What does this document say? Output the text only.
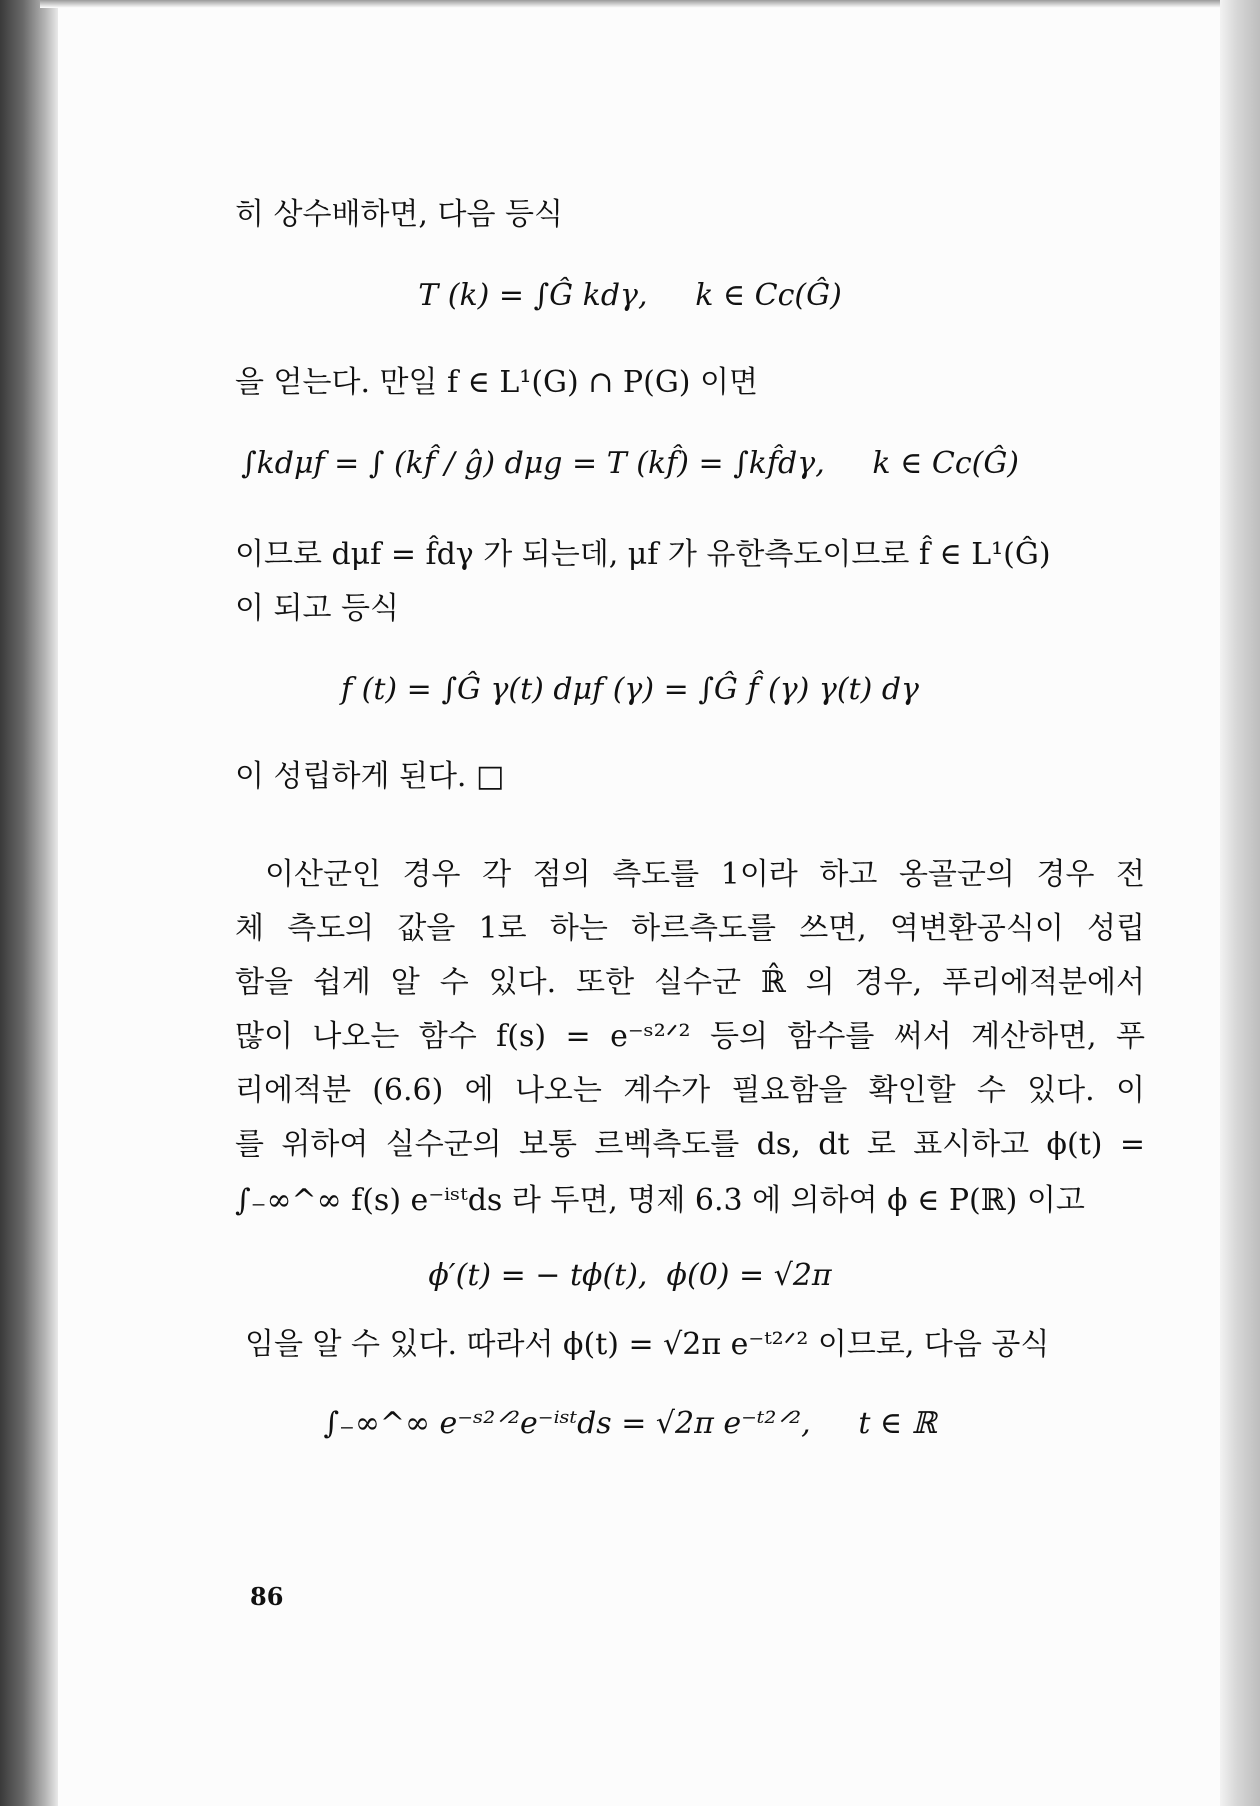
히 상수배하면, 다음 등식
T (k) = ∫Ĝ kdγ,     k ∈ Cc(Ĝ)
을 얻는다. 만일 f ∈ L¹(G) ∩ P(G) 이면
∫kdμf = ∫ (kf̂ / ĝ) dμg = T (kf̂) = ∫kf̂dγ,     k ∈ Cc(Ĝ)
이므로 dμf = f̂dγ 가 되는데, μf 가 유한측도이므로 f̂ ∈ L¹(Ĝ)
이 되고 등식
f (t) = ∫Ĝ γ(t) dμf (γ) = ∫Ĝ f̂ (γ) γ(t) dγ
이 성립하게 된다. □
이산군인 경우 각 점의 측도를 1이라 하고 옹골군의 경우 전
체 측도의 값을 1로 하는 하르측도를 쓰면, 역변환공식이 성립
함을 쉽게 알 수 있다. 또한 실수군 ℝ̂ 의 경우, 푸리에적분에서
많이 나오는 함수 f(s) = e⁻ˢ²ᐟ² 등의 함수를 써서 계산하면, 푸
리에적분 (6.6) 에 나오는 계수가 필요함을 확인할 수 있다. 이
를 위하여 실수군의 보통 르벡측도를 ds, dt 로 표시하고 ϕ(t) =
∫₋∞^∞ f(s) e⁻ⁱˢᵗds 라 두면, 명제 6.3 에 의하여 ϕ ∈ P(ℝ) 이고
ϕ′(t) = − tϕ(t),  ϕ(0) = √2π
임을 알 수 있다. 따라서 ϕ(t) = √2π e⁻ᵗ²ᐟ² 이므로, 다음 공식
∫₋∞^∞ e⁻ˢ²ᐟ²e⁻ⁱˢᵗds = √2π e⁻ᵗ²ᐟ²,     t ∈ ℝ
86
